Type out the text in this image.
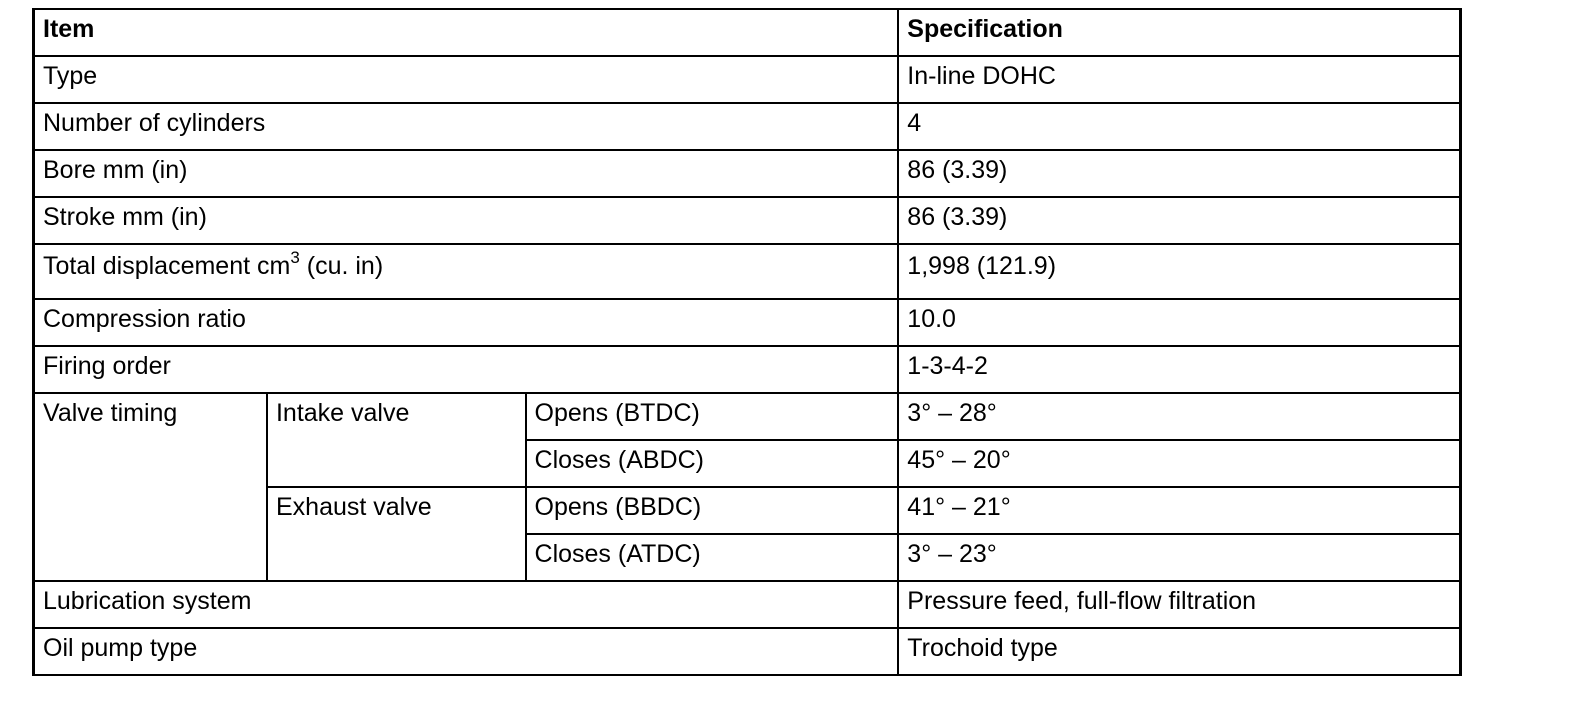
Item			Specification
Type			In-line DOHC
Number of cylinders			4
Bore mm (in)			86 (3.39)
Stroke mm (in)			86 (3.39)
Total displacement $cm^3$ (cu. in)			1,998 (121.9)
Compression ratio			10.0
Firing order			1-3-4-2
Valve timing	Intake valve	Opens (BTDC)	3° – 28°
		Closes (ABDC)	45° – 20°
	Exhaust valve	Opens (BBDC)	41° – 21°
		Closes (ATDC)	3° – 23°
Lubrication system			Pressure feed, full-flow filtration
Oil pump type			Trochoid type
